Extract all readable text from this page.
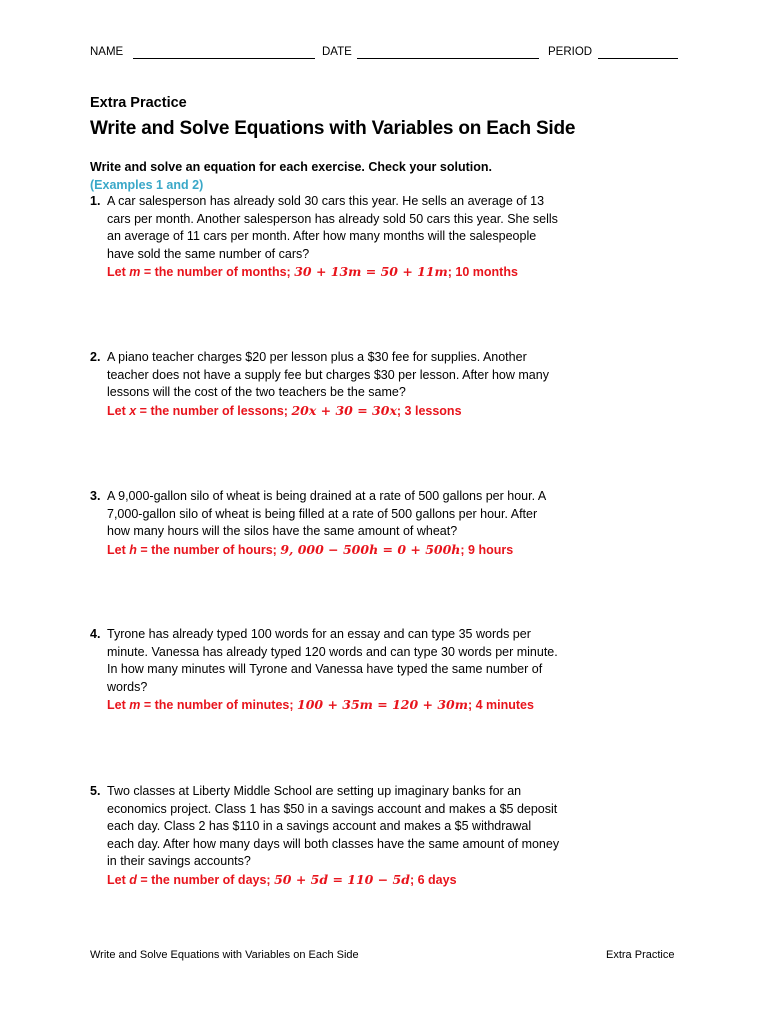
NAME	DATE	PERIOD
Extra Practice
Write and Solve Equations with Variables on Each Side
Write and solve an equation for each exercise. Check your solution. (Examples 1 and 2)
1. A car salesperson has already sold 30 cars this year. He sells an average of 13 cars per month. Another salesperson has already sold 50 cars this year. She sells an average of 11 cars per month. After how many months will the salespeople have sold the same number of cars?
Let m = the number of months; 30 + 13m = 50 + 11m; 10 months
2. A piano teacher charges $20 per lesson plus a $30 fee for supplies. Another teacher does not have a supply fee but charges $30 per lesson. After how many lessons will the cost of the two teachers be the same?
Let x = the number of lessons; 20x + 30 = 30x; 3 lessons
3. A 9,000-gallon silo of wheat is being drained at a rate of 500 gallons per hour. A 7,000-gallon silo of wheat is being filled at a rate of 500 gallons per hour. After how many hours will the silos have the same amount of wheat?
Let h = the number of hours; 9, 000 − 500h = 0 + 500h; 9 hours
4. Tyrone has already typed 100 words for an essay and can type 35 words per minute. Vanessa has already typed 120 words and can type 30 words per minute. In how many minutes will Tyrone and Vanessa have typed the same number of words?
Let m = the number of minutes; 100 + 35m = 120 + 30m; 4 minutes
5. Two classes at Liberty Middle School are setting up imaginary banks for an economics project. Class 1 has $50 in a savings account and makes a $5 deposit each day. Class 2 has $110 in a savings account and makes a $5 withdrawal each day. After how many days will both classes have the same amount of money in their savings accounts?
Let d = the number of days; 50 + 5d = 110 − 5d; 6 days
Write and Solve Equations with Variables on Each Side	Extra Practice
